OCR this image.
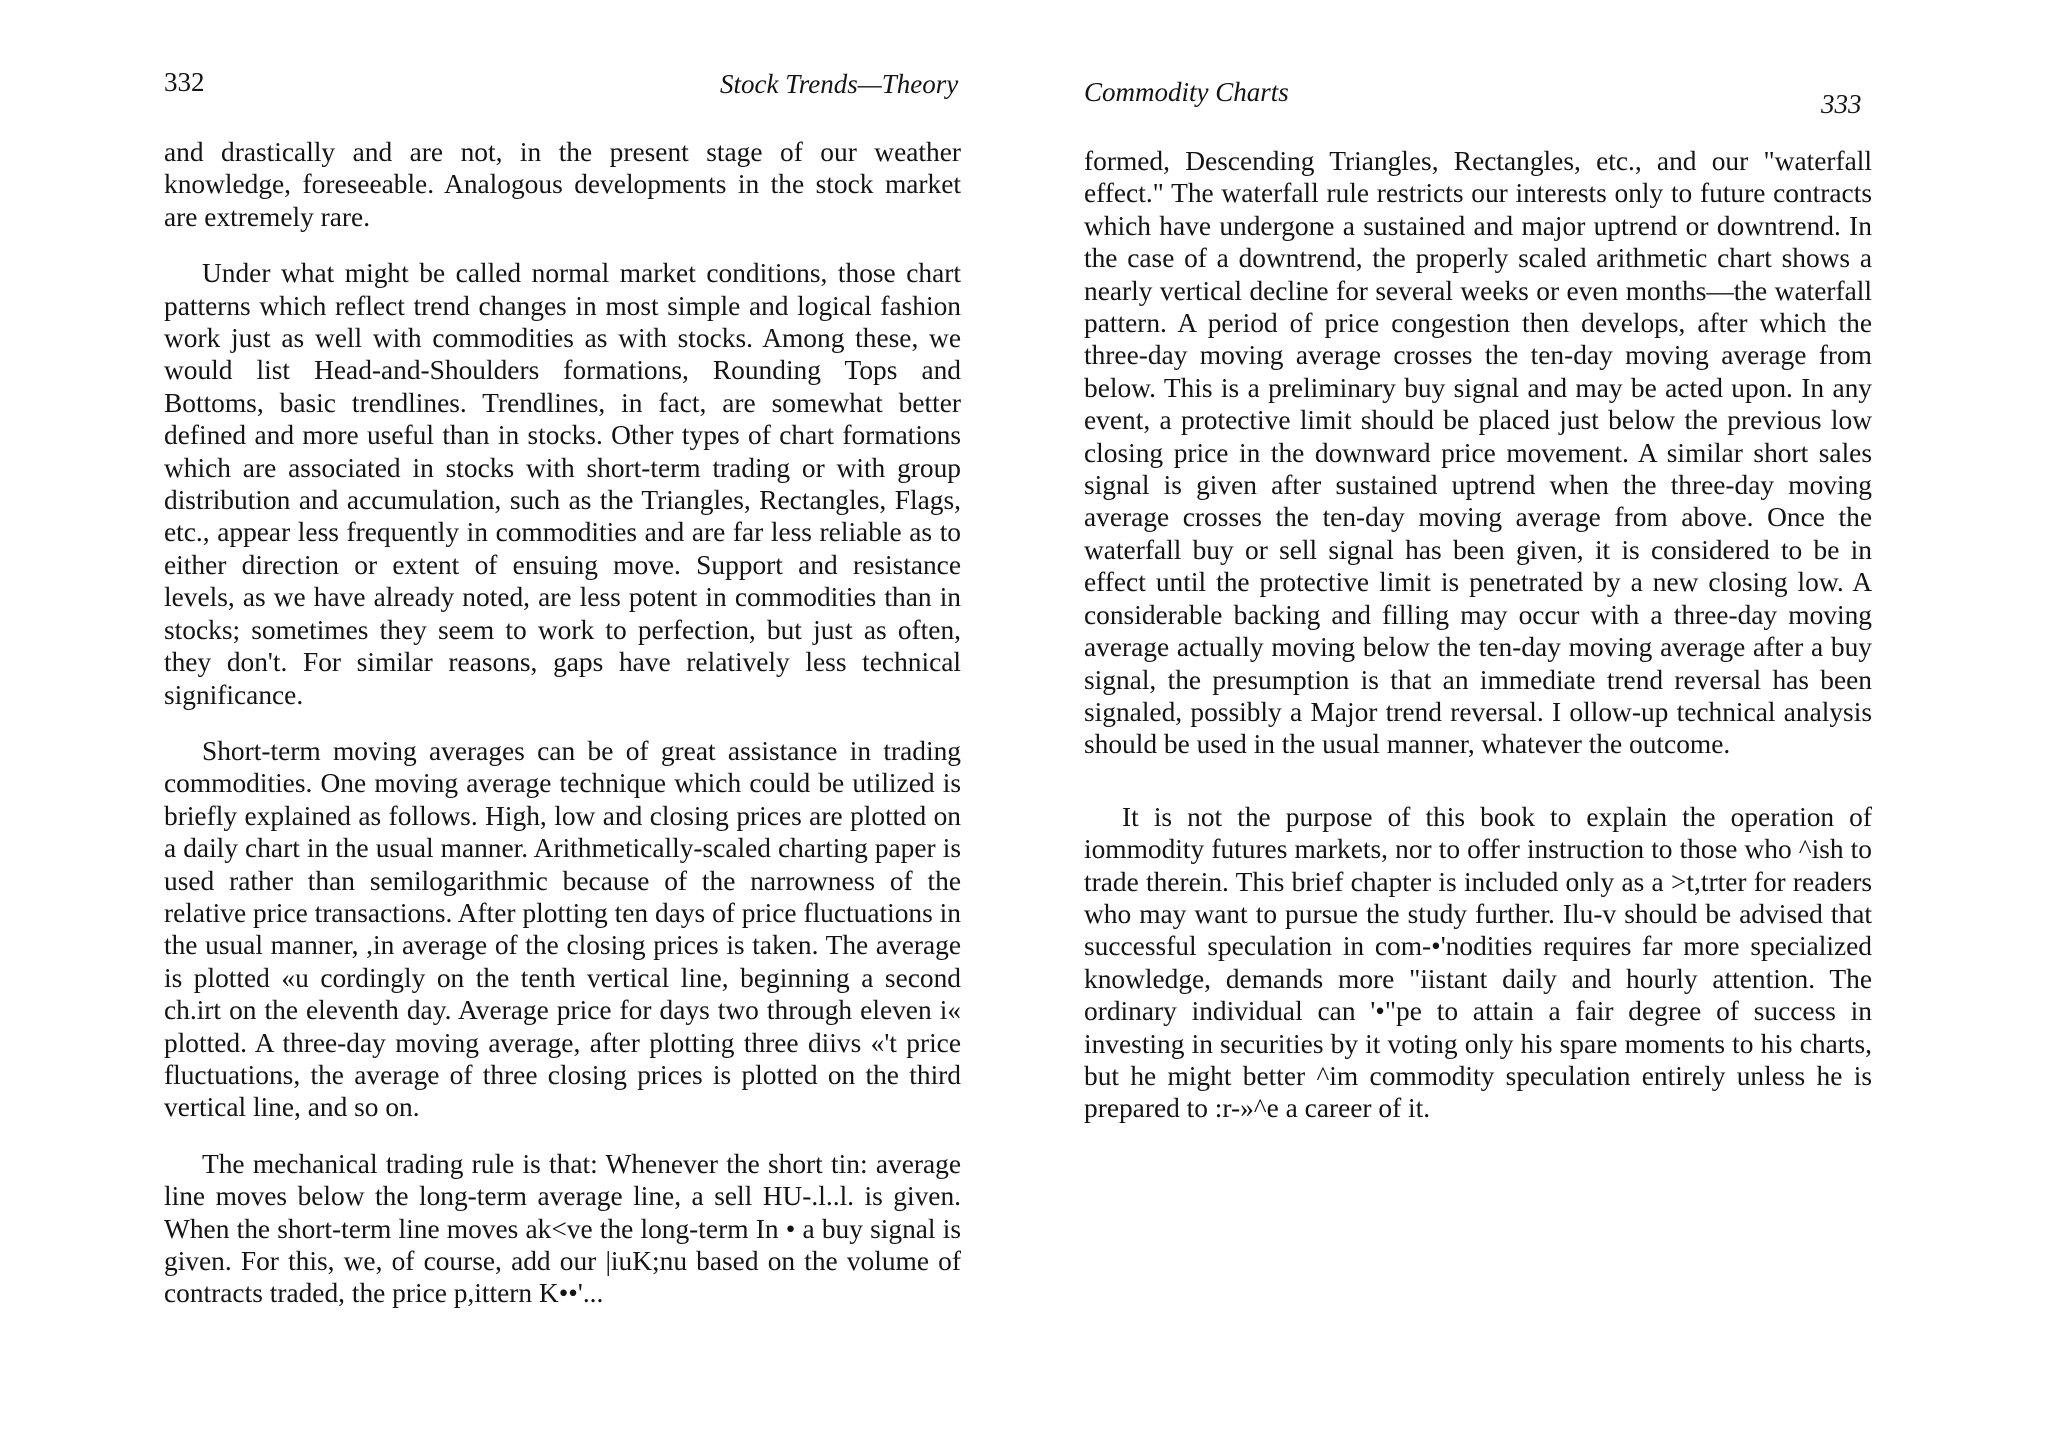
332	Stock Trends—Theory

and drastically and are not, in the present stage of our weather knowledge, foreseeable. Analogous developments in the stock market are extremely rare.

Under what might be called normal market conditions, those chart patterns which reflect trend changes in most simple and logical fashion work just as well with commodities as with stocks. Among these, we would list Head-and-Shoulders formations, Rounding Tops and Bottoms, basic trendlines. Trendlines, in fact, are somewhat better defined and more useful than in stocks. Other types of chart formations which are associated in stocks with short-term trading or with group distribution and accumulation, such as the Triangles, Rectangles, Flags, etc., appear less frequently in commodities and are far less reliable as to either direction or extent of ensuing move. Support and resistance levels, as we have already noted, are less potent in commodities than in stocks; sometimes they seem to work to perfection, but just as often, they don't. For similar reasons, gaps have relatively less technical significance.

Short-term moving averages can be of great assistance in trading commodities. One moving average technique which could be utilized is briefly explained as follows. High, low and closing prices are plotted on a daily chart in the usual manner. Arithmetically-scaled charting paper is used rather than semilogarithmic because of the narrowness of the relative price transactions. After plotting ten days of price fluctuations in the usual manner, ,in average of the closing prices is taken. The average is plotted «u cordingly on the tenth vertical line, beginning a second ch.irt on the eleventh day. Average price for days two through eleven i« plotted. A three-day moving average, after plotting three diivs «'t price fluctuations, the average of three closing prices is plotted on the third vertical line, and so on.

The mechanical trading rule is that: Whenever the short tin: average line moves below the long-term average line, a sell HU-.l..l. is given. When the short-term line moves ak<ve the long-term In • a buy signal is given. For this, we, of course, add our |iuK;nu based on the volume of contracts traded, the price p,ittern K••'...

Commodity Charts	333

formed, Descending Triangles, Rectangles, etc., and our "waterfall effect." The waterfall rule restricts our interests only to future contracts which have undergone a sustained and major uptrend or downtrend. In the case of a downtrend, the properly scaled arithmetic chart shows a nearly vertical decline for several weeks or even months—the waterfall pattern. A period of price congestion then develops, after which the three-day moving average crosses the ten-day moving average from below. This is a preliminary buy signal and may be acted upon. In any event, a protective limit should be placed just below the previous low closing price in the downward price movement. A similar short sales signal is given after sustained uptrend when the three-day moving average crosses the ten-day moving average from above. Once the waterfall buy or sell signal has been given, it is considered to be in effect until the protective limit is penetrated by a new closing low. A considerable backing and filling may occur with a three-day moving average actually moving below the ten-day moving average after a buy signal, the presumption is that an immediate trend reversal has been signaled, possibly a Major trend reversal. I ollow-up technical analysis should be used in the usual manner, whatever the outcome.

It is not the purpose of this book to explain the operation of iommodity futures markets, nor to offer instruction to those who ^ish to trade therein. This brief chapter is included only as a >t,trter for readers who may want to pursue the study further. Ilu-v should be advised that successful speculation in com-•'nodities requires far more specialized knowledge, demands more "iistant daily and hourly attention. The ordinary individual can '•"pe to attain a fair degree of success in investing in securities by it voting only his spare moments to his charts, but he might better ^im commodity speculation entirely unless he is prepared to :r-»^e a career of it.
